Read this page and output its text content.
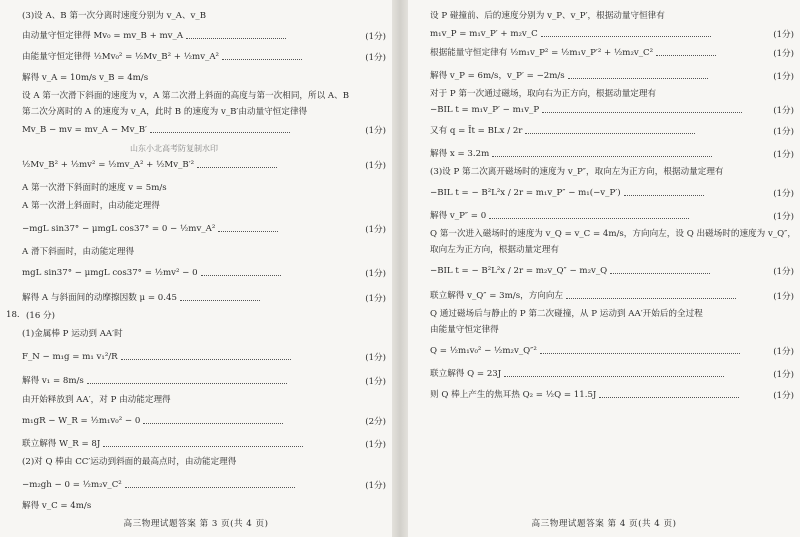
(3)设 A、B 第一次分离时速度分别为 v_A、v_B
由动量守恒定律得 Mv₀ = mv_B + mv_A	(1分)
由能量守恒定律得 ½Mv₀² = ½Mv_B² + ½mv_A²	(1分)
解得 v_A = 10m/s v_B = 4m/s
设 A 第一次滑下斜面的速度为 v，A 第二次滑上斜面的高度与第一次相同，所以 A、B
第二次分离时的 A 的速度为 v_A，此时 B 的速度为 v_B′由动量守恒定律得
Mv_B − mv = mv_A − Mv_B′	(1分)
山东小北高考防复制水印
½Mv_B² + ½mv² = ½mv_A² + ½Mv_B′²	(1分)
A 第一次滑下斜面时的速度 v = 5m/s
A 第一次滑上斜面时，由动能定理得
−mgL sin37° − μmgL cos37° = 0 − ½mv_A²	(1分)
A 滑下斜面时，由动能定理得
mgL sin37° − μmgL cos37° = ½mv² − 0	(1分)
解得 A 与斜面间的动摩擦因数 μ = 0.45	(1分)
18. (16 分)
(1)金属棒 P 运动到 AA′时
F_N − m₁g = m₁ v₁²/R	(1分)
解得 v₁ = 8m/s	(1分)
由开始释放到 AA′，对 P 由动能定理得
m₁gR − W_R = ½m₁v₀² − 0	(2分)
联立解得 W_R = 8J	(1分)
(2)对 Q 棒由 CC′运动到斜面的最高点时，由动能定理得
−m₂gh − 0 = ½m₂v_C²	(1分)
解得 v_C = 4m/s
高三物理试题答案 第 3 页(共 4 页)
设 P 碰撞前、后的速度分别为 v_P、v_P′，根据动量守恒律有
m₁v_P = m₁v_P′ + m₂v_C	(1分)
根据能量守恒定律有 ½m₁v_P² = ½m₁v_P′² + ½m₂v_C²	(1分)
解得 v_P = 6m/s，v_P′ = −2m/s	(1分)
对于 P 第一次通过磁场，取向右为正方向，根据动量定理有
−BIL t = m₁v_P′ − m₁v_P	(1分)
又有 q = Īt = BLx / 2r	(1分)
解得 x = 3.2m	(1分)
(3)设 P 第二次离开磁场时的速度为 v_P″，取向左为正方向，根据动量定理有
−BIL t = − B²L²x / 2r = m₁v_P″ − m₁(−v_P′)	(1分)
解得 v_P″ = 0	(1分)
Q 第一次进入磁场时的速度为 v_Q = v_C = 4m/s，方向向左，设 Q 出磁场时的速度为 v_Q″，
取向左为正方向，根据动量定理有
−BIL t = − B²L²x / 2r = m₂v_Q″ − m₂v_Q	(1分)
联立解得 v_Q″ = 3m/s，方向向左	(1分)
Q 通过磁场后与静止的 P 第二次碰撞，从 P 运动到 AA′开始后的全过程
由能量守恒定律得
Q = ½m₁v₀² − ½m₂v_Q″²	(1分)
联立解得 Q = 23J	(1分)
则 Q 棒上产生的焦耳热 Q₂ = ½Q = 11.5J	(1分)
高三物理试题答案 第 4 页(共 4 页)
